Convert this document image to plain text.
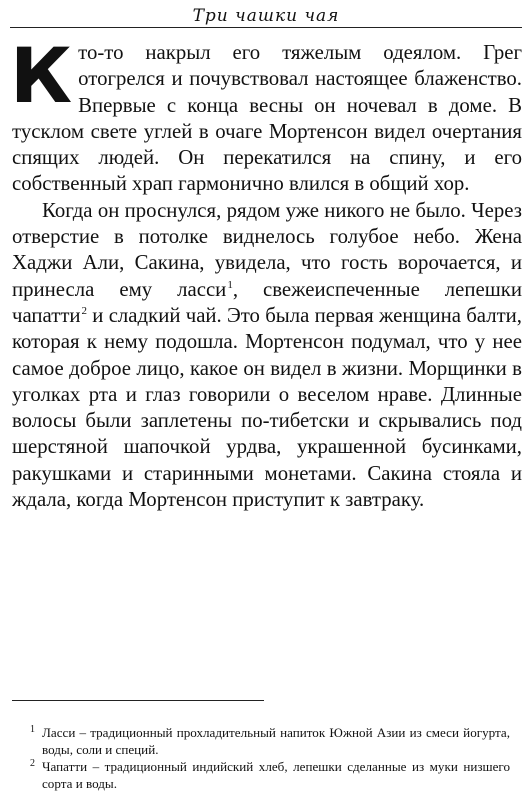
Три чашки чая

Кто-то накрыл его тяжелым одеялом. Грег отогрелся и почувствовал настоящее блаженство. Впервые с конца весны он ночевал в доме. В тусклом свете углей в очаге Мортенсон видел очертания спящих людей. Он перекатился на спину, и его собственный храп гармонично влился в общий хор.

Когда он проснулся, рядом уже никого не было. Через отверстие в потолке виднелось голубое небо. Жена Хаджи Али, Сакина, увидела, что гость ворочается, и принесла ему ласси$^1$, свежеиспеченные лепешки чапатти$^2$ и сладкий чай. Это была первая женщина балти, которая к нему подошла. Мортенсон подумал, что у нее самое доброе лицо, какое он видел в жизни. Морщинки в уголках рта и глаз говорили о веселом нраве. Длинные волосы были заплетены по-тибетски и скрывались под шерстяной шапочкой урдва, украшенной бусинками, ракушками и старинными монетами. Сакина стояла и ждала, когда Мортенсон приступит к завтраку.

1 Ласси – традиционный прохладительный напиток Южной Азии из смеси йогурта, воды, соли и специй.

2 Чапатти – традиционный индийский хлеб, лепешки сделанные из муки низшего сорта и воды.
